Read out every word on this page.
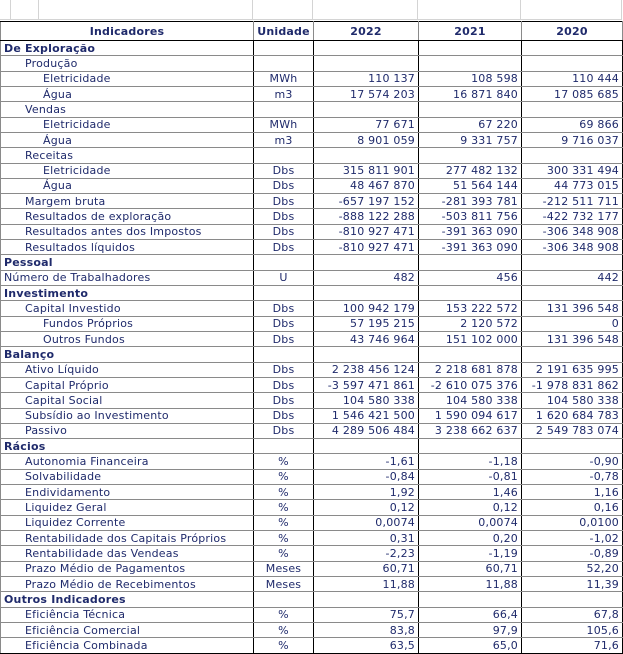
Indicadores	Unidade	2022	2021	2020
De Exploração				
Produção				
Eletricidade	MWh	110 137	108 598	110 444
Água	m3	17 574 203	16 871 840	17 085 685
Vendas				
Eletricidade	MWh	77 671	67 220	69 866
Água	m3	8 901 059	9 331 757	9 716 037
Receitas				
Eletricidade	Dbs	315 811 901	277 482 132	300 331 494
Água	Dbs	48 467 870	51 564 144	44 773 015
Margem bruta	Dbs	-657 197 152	-281 393 781	-212 511 711
Resultados de exploração	Dbs	-888 122 288	-503 811 756	-422 732 177
Resultados antes dos Impostos	Dbs	-810 927 471	-391 363 090	-306 348 908
Resultados líquidos	Dbs	-810 927 471	-391 363 090	-306 348 908
Pessoal				
Número de Trabalhadores	U	482	456	442
Investimento				
Capital Investido	Dbs	100 942 179	153 222 572	131 396 548
Fundos Próprios	Dbs	57 195 215	2 120 572	0
Outros Fundos	Dbs	43 746 964	151 102 000	131 396 548
Balanço				
Ativo Líquido	Dbs	2 238 456 124	2 218 681 878	2 191 635 995
Capital Próprio	Dbs	-3 597 471 861	-2 610 075 376	-1 978 831 862
Capital Social	Dbs	104 580 338	104 580 338	104 580 338
Subsídio ao Investimento	Dbs	1 546 421 500	1 590 094 617	1 620 684 783
Passivo	Dbs	4 289 506 484	3 238 662 637	2 549 783 074
Rácios				
Autonomia Financeira	%	-1,61	-1,18	-0,90
Solvabilidade	%	-0,84	-0,81	-0,78
Endividamento	%	1,92	1,46	1,16
Liquidez Geral	%	0,12	0,12	0,16
Liquidez Corrente	%	0,0074	0,0074	0,0100
Rentabilidade dos Capitais Próprios	%	0,31	0,20	-1,02
Rentabilidade das Vendeas	%	-2,23	-1,19	-0,89
Prazo Médio de Pagamentos	Meses	60,71	60,71	52,20
Prazo Médio de Recebimentos	Meses	11,88	11,88	11,39
Outros Indicadores				
Eficiência Técnica	%	75,7	66,4	67,8
Eficiência Comercial	%	83,8	97,9	105,6
Eficiência Combinada	%	63,5	65,0	71,6
